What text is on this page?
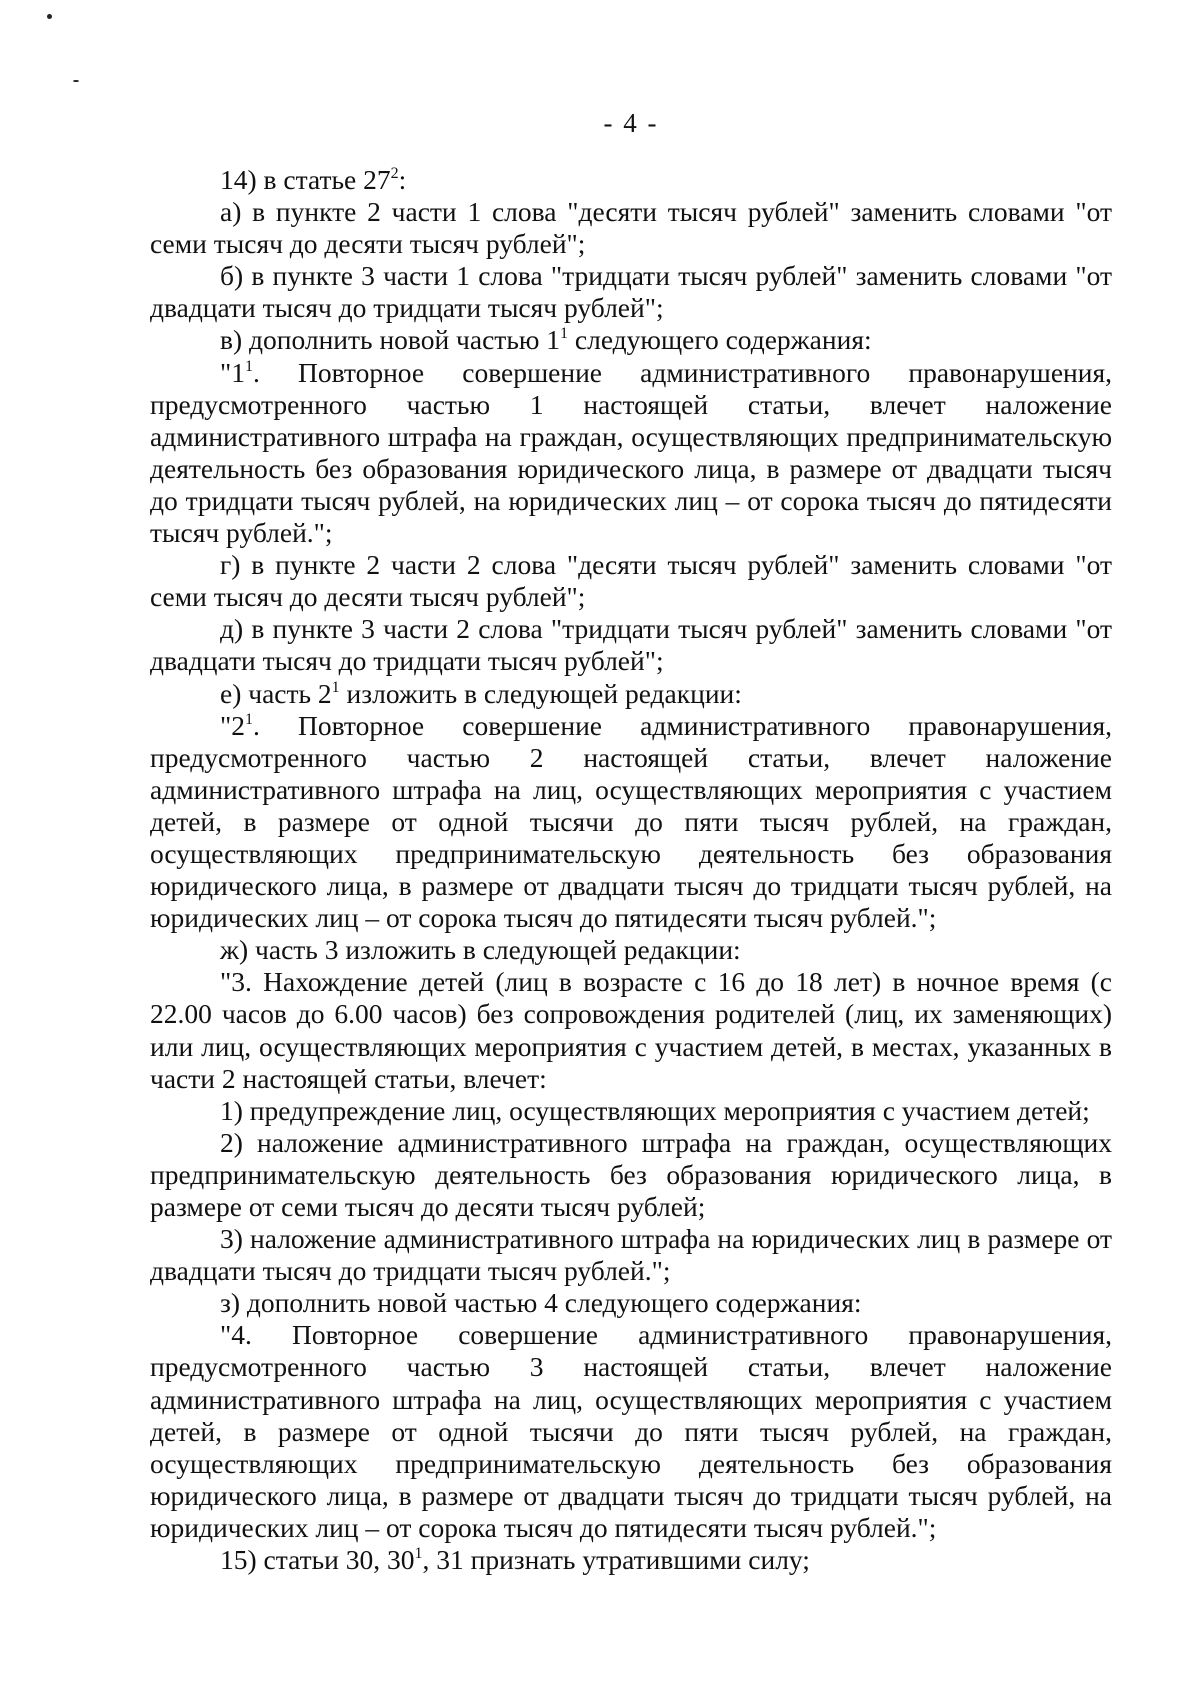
- 4 -

14) в статье $27^2$:

а) в пункте 2 части 1 слова "десяти тысяч рублей" заменить словами "от семи тысяч до десяти тысяч рублей";

б) в пункте 3 части 1 слова "тридцати тысяч рублей" заменить словами "от двадцати тысяч до тридцати тысяч рублей";

в) дополнить новой частью $1^1$ следующего содержания:

"$1^1$. Повторное совершение административного правонарушения, предусмотренного частью 1 настоящей статьи, влечет наложение административного штрафа на граждан, осуществляющих предпринимательскую деятельность без образования юридического лица, в размере от двадцати тысяч до тридцати тысяч рублей, на юридических лиц – от сорока тысяч до пятидесяти тысяч рублей.";

г) в пункте 2 части 2 слова "десяти тысяч рублей" заменить словами "от семи тысяч до десяти тысяч рублей";

д) в пункте 3 части 2 слова "тридцати тысяч рублей" заменить словами "от двадцати тысяч до тридцати тысяч рублей";

е) часть $2^1$ изложить в следующей редакции:

"$2^1$. Повторное совершение административного правонарушения, предусмотренного частью 2 настоящей статьи, влечет наложение административного штрафа на лиц, осуществляющих мероприятия с участием детей, в размере от одной тысячи до пяти тысяч рублей, на граждан, осуществляющих предпринимательскую деятельность без образования юридического лица, в размере от двадцати тысяч до тридцати тысяч рублей, на юридических лиц – от сорока тысяч до пятидесяти тысяч рублей.";

ж) часть 3 изложить в следующей редакции:

"3. Нахождение детей (лиц в возрасте с 16 до 18 лет) в ночное время (с 22.00 часов до 6.00 часов) без сопровождения родителей (лиц, их заменяющих) или лиц, осуществляющих мероприятия с участием детей, в местах, указанных в части 2 настоящей статьи, влечет:

1) предупреждение лиц, осуществляющих мероприятия с участием детей;

2) наложение административного штрафа на граждан, осуществляющих предпринимательскую деятельность без образования юридического лица, в размере от семи тысяч до десяти тысяч рублей;

3) наложение административного штрафа на юридических лиц в размере от двадцати тысяч до тридцати тысяч рублей.";

з) дополнить новой частью 4 следующего содержания:

"4. Повторное совершение административного правонарушения, предусмотренного частью 3 настоящей статьи, влечет наложение административного штрафа на лиц, осуществляющих мероприятия с участием детей, в размере от одной тысячи до пяти тысяч рублей, на граждан, осуществляющих предпринимательскую деятельность без образования юридического лица, в размере от двадцати тысяч до тридцати тысяч рублей, на юридических лиц – от сорока тысяч до пятидесяти тысяч рублей.";

15) статьи 30, $30^1$, 31 признать утратившими силу;
